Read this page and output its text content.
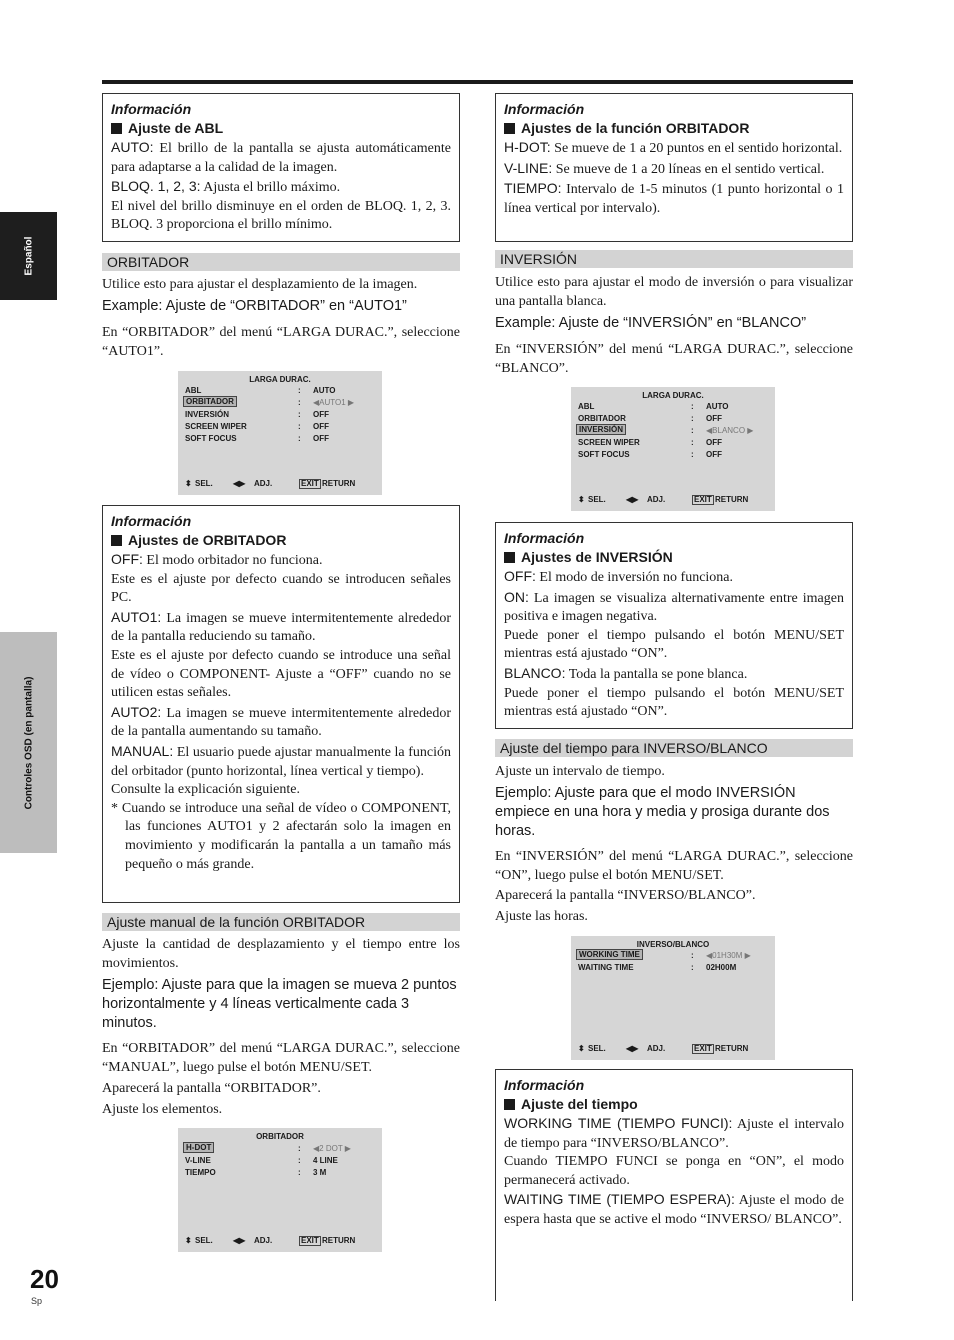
Español
Controles OSD (en pantalla)
20
Sp
Información
Ajuste de ABL

AUTO: El brillo de la pantalla se ajusta automáticamente para adaptarse a la calidad de la imagen.

BLOQ. 1, 2, 3: Ajusta el brillo máximo.

El nivel del brillo disminuye en el orden de BLOQ. 1, 2, 3. BLOQ. 3 proporciona el brillo mínimo.

ORBITADOR
Utilice esto para ajustar el desplazamiento de la imagen.
Example: Ajuste de “ORBITADOR” en “AUTO1”
En “ORBITADOR” del menú “LARGA DURAC.”, seleccione “AUTO1”.
LARGA DURAC.
ABL	: AUTO
ORBITADOR	: ◀AUTO1 ▶
INVERSIÓN	: OFF
SCREEN WIPER	: OFF
SOFT FOCUS	: OFF
⬍ SEL.	◀▶ ADJ.	EXIT RETURN
Información
Ajustes de ORBITADOR

OFF: El modo orbitador no funciona.

Este es el ajuste por defecto cuando se introducen señales PC.

AUTO1: La imagen se mueve intermitentemente alrededor de la pantalla reduciendo su tamaño.

Este es el ajuste por defecto cuando se introduce una señal de vídeo o COMPONENT- Ajuste a “OFF” cuando no se utilicen estas señales.

AUTO2: La imagen se mueve intermitentemente alrededor de la pantalla aumentando su tamaño.

MANUAL: El usuario puede ajustar manualmente la función del orbitador (punto horizontal, línea vertical y tiempo).

Consulte la explicación siguiente.

* Cuando se introduce una señal de vídeo o COMPONENT, las funciones AUTO1 y 2 afectarán solo la imagen en movimiento y modificarán la pantalla a un tamaño más pequeño o más grande.

Ajuste manual de la función ORBITADOR
Ajuste la cantidad de desplazamiento y el tiempo entre los movimientos.
Ejemplo: Ajuste para que la imagen se mueva 2 puntos horizontalmente y 4 líneas verticalmente cada 3 minutos.
En “ORBITADOR” del menú “LARGA DURAC.”, seleccione “MANUAL”, luego pulse el botón MENU/SET.
Aparecerá la pantalla “ORBITADOR”.
Ajuste los elementos.
ORBITADOR
H-DOT	: ◀2 DOT ▶
V-LINE	: 4 LINE
TIEMPO	: 3 M
⬍ SEL.	◀▶ ADJ.	EXIT RETURN
Información
Ajustes de la función ORBITADOR

H-DOT: Se mueve de 1 a 20 puntos en el sentido horizontal.

V-LINE: Se mueve de 1 a 20 líneas en el sentido vertical.

TIEMPO: Intervalo de 1-5 minutos (1 punto horizontal o 1 línea vertical por intervalo).

INVERSIÓN
Utilice esto para ajustar el modo de inversión o para visualizar una pantalla blanca.
Example: Ajuste de “INVERSIÓN” en “BLANCO”
En “INVERSIÓN” del menú “LARGA DURAC.”, seleccione “BLANCO”.
LARGA DURAC.
ABL	: AUTO
ORBITADOR	: OFF
INVERSIÓN	: ◀BLANCO ▶
SCREEN WIPER	: OFF
SOFT FOCUS	: OFF
⬍ SEL.	◀▶ ADJ.	EXIT RETURN
Información
Ajustes de INVERSIÓN

OFF: El modo de inversión no funciona.

ON: La imagen se visualiza alternativamente entre imagen positiva e imagen negativa.

Puede poner el tiempo pulsando el botón MENU/SET mientras está ajustado “ON”.

BLANCO: Toda la pantalla se pone blanca.

Puede poner el tiempo pulsando el botón MENU/SET mientras está ajustado “ON”.

Ajuste del tiempo para INVERSO/BLANCO
Ajuste un intervalo de tiempo.
Ejemplo: Ajuste para que el modo INVERSIÓN empiece en una hora y media y prosiga durante dos horas.
En “INVERSIÓN” del menú “LARGA DURAC.”, seleccione “ON”, luego pulse el botón MENU/SET.
Aparecerá la pantalla “INVERSO/BLANCO”.
Ajuste las horas.
INVERSO/BLANCO
WORKING TIME	: ◀01H30M ▶
WAITING TIME	: 02H00M
⬍ SEL.	◀▶ ADJ.	EXIT RETURN
Información
Ajuste del tiempo

WORKING TIME (TIEMPO FUNCI): Ajuste el intervalo de tiempo para “INVERSO/BLANCO”.

Cuando TIEMPO FUNCI se ponga en “ON”, el modo permanecerá activado.

WAITING TIME (TIEMPO ESPERA): Ajuste el modo de espera hasta que se active el modo “INVERSO/ BLANCO”.
